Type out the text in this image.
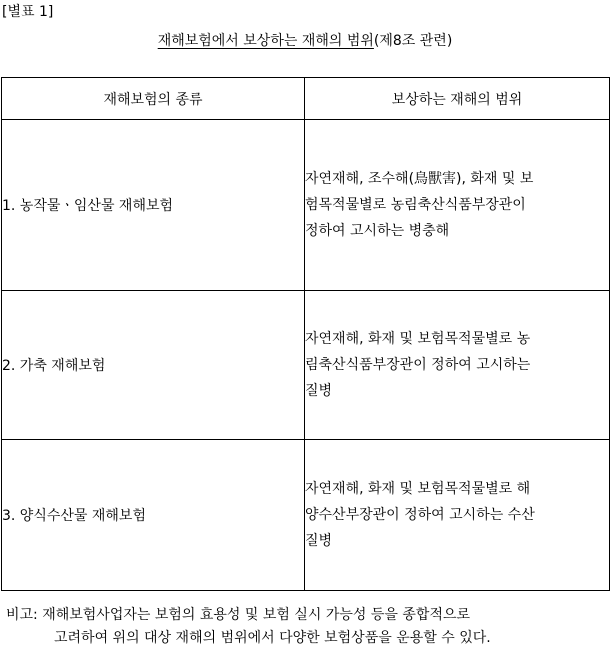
[별표 1]
재해보험에서 보상하는 재해의 범위(제8조 관련)
재해보험의 종류	보상하는 재해의 범위
1. 농작물ㆍ임산물 재해보험	자연재해, 조수해(鳥獸害), 화재 및 보
험목적물별로 농림축산식품부장관이
정하여 고시하는 병충해

2. 가축 재해보험	자연재해, 화재 및 보험목적물별로 농
림축산식품부장관이 정하여 고시하는
질병

3. 양식수산물 재해보험	자연재해, 화재 및 보험목적물별로 해
양수산부장관이 정하여 고시하는 수산
질병
비고: 재해보험사업자는 보험의 효용성 및 보험 실시 가능성 등을 종합적으로
고려하여 위의 대상 재해의 범위에서 다양한 보험상품을 운용할 수 있다.
